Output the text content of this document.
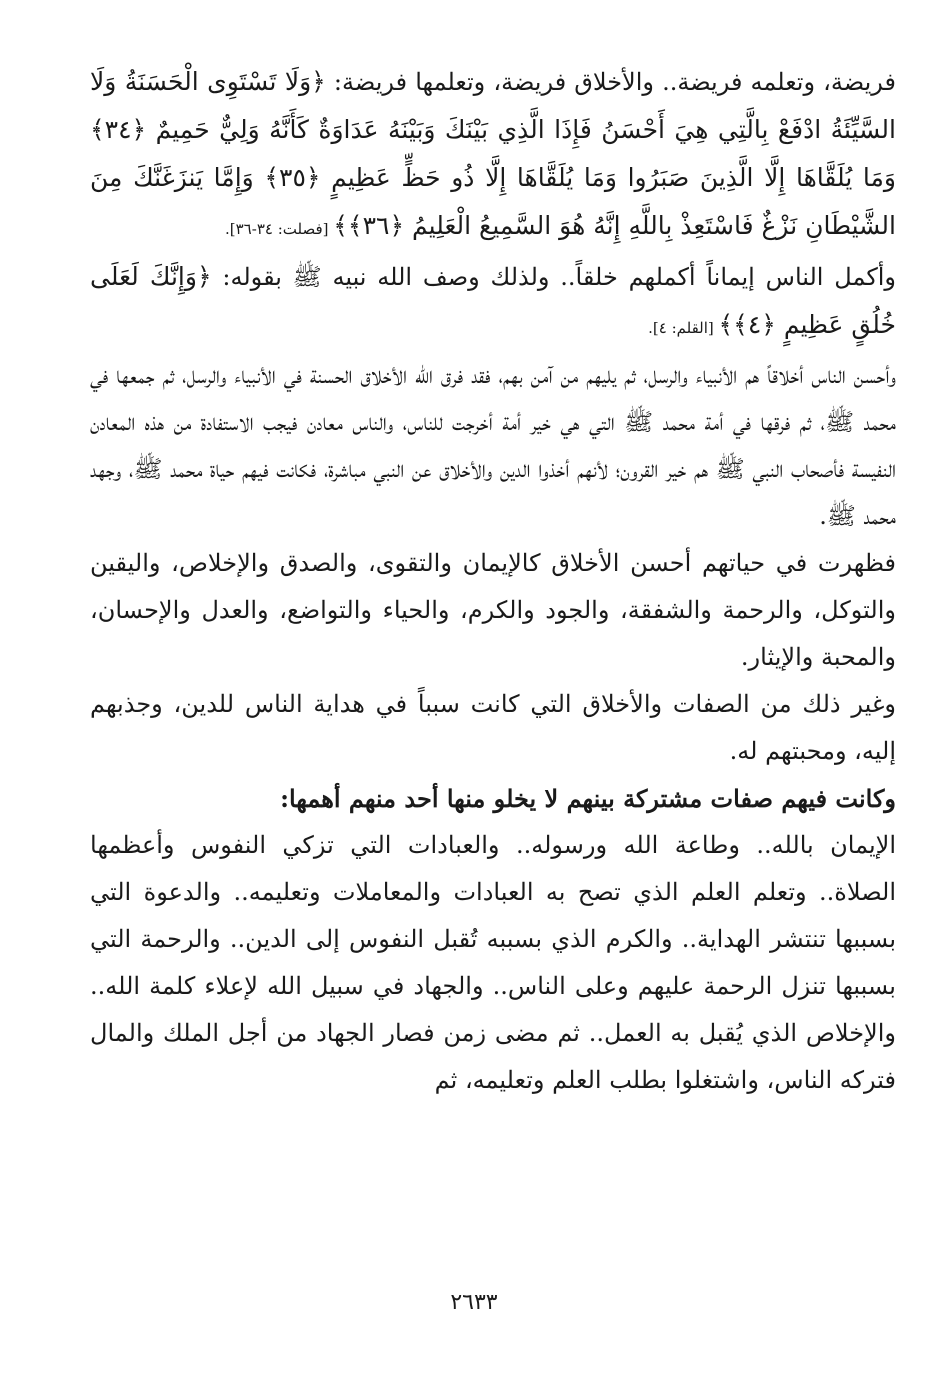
فريضة، وتعلمه فريضة.. والأخلاق فريضة، وتعلمها فريضة: ﴿وَلَا تَسْتَوِى الْحَسَنَةُ وَلَا السَّيِّئَةُ ادْفَعْ بِالَّتِي هِيَ أَحْسَنُ فَإِذَا الَّذِي بَيْنَكَ وَبَيْنَهُ عَدَاوَةٌ كَأَنَّهُ وَلِيٌّ حَمِيمٌ ﴿٣٤﴾ وَمَا يُلَقَّاهَا إِلَّا الَّذِينَ صَبَرُوا وَمَا يُلَقَّاهَا إِلَّا ذُو حَظٍّ عَظِيمٍ ﴿٣٥﴾ وَإِمَّا يَنزَغَنَّكَ مِنَ الشَّيْطَانِ نَزْغٌ فَاسْتَعِذْ بِاللَّهِ إِنَّهُ هُوَ السَّمِيعُ الْعَلِيمُ ﴿٣٦﴾﴾ [فصلت: ٣٤-٣٦].

وأكمل الناس إيماناً أكملهم خلقاً.. ولذلك وصف الله نبيه ﷺ بقوله: ﴿وَإِنَّكَ لَعَلَى خُلُقٍ عَظِيمٍ ﴿٤﴾﴾ [القلم: ٤].

وأحسن الناس أخلاقاً هم الأنبياء والرسل، ثم يليهم من آمن بهم، فقد فرق الله الأخلاق الحسنة في الأنبياء والرسل، ثم جمعها في محمد ﷺ، ثم فرقها في أمة محمد ﷺ التي هي خير أمة أخرجت للناس، والناس معادن فيجب الاستفادة من هذه المعادن النفيسة فأصحاب النبي ﷺ هم خير القرون؛ لأنهم أخذوا الدين والأخلاق عن النبي مباشرة، فكانت فيهم حياة محمد ﷺ، وجهد محمد ﷺ.

فظهرت في حياتهم أحسن الأخلاق كالإيمان والتقوى، والصدق والإخلاص، واليقين والتوكل، والرحمة والشفقة، والجود والكرم، والحياء والتواضع، والعدل والإحسان، والمحبة والإيثار.

وغير ذلك من الصفات والأخلاق التي كانت سبباً في هداية الناس للدين، وجذبهم إليه، ومحبتهم له.

وكانت فيهم صفات مشتركة بينهم لا يخلو منها أحد منهم أهمها:

الإيمان بالله.. وطاعة الله ورسوله.. والعبادات التي تزكي النفوس وأعظمها الصلاة.. وتعلم العلم الذي تصح به العبادات والمعاملات وتعليمه.. والدعوة التي بسببها تنتشر الهداية.. والكرم الذي بسببه تُقبل النفوس إلى الدين.. والرحمة التي بسببها تنزل الرحمة عليهم وعلى الناس.. والجهاد في سبيل الله لإعلاء كلمة الله.. والإخلاص الذي يُقبل به العمل.. ثم مضى زمن فصار الجهاد من أجل الملك والمال فتركه الناس، واشتغلوا بطلب العلم وتعليمه، ثم

٢٦٣٣
